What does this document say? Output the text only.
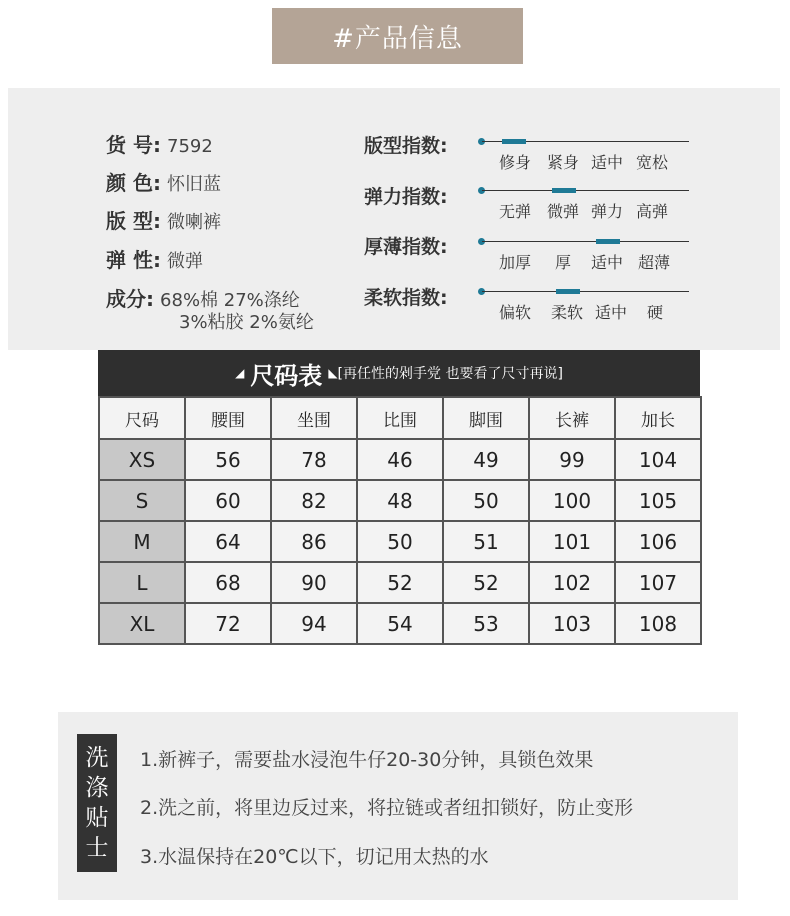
#产品信息
货 号: 7592
颜 色: 怀旧蓝
版 型: 微喇裤
弹 性: 微弹
成分: 68%棉 27%涤纶
3%粘胶 2%氨纶
版型指数:
修身 紧身 适中 宽松
弹力指数:
无弹 微弹 弹力 高弹
厚薄指数:
加厚 厚 适中 超薄
柔软指数:
偏软 柔软 适中 硬
◢ 尺码表 ◣ [再任性的剁手党 也要看了尺寸再说]
尺码	腰围	坐围	比围	脚围	长裤	加长
XS	56	78	46	49	99	104
S	60	82	48	50	100	105
M	64	86	50	51	101	106
L	68	90	52	52	102	107
XL	72	94	54	53	103	108
洗
涤
贴
士
1.新裤子，需要盐水浸泡牛仔20-30分钟，具锁色效果
2.洗之前，将里边反过来，将拉链或者纽扣锁好，防止变形
3.水温保持在20℃以下，切记用太热的水
